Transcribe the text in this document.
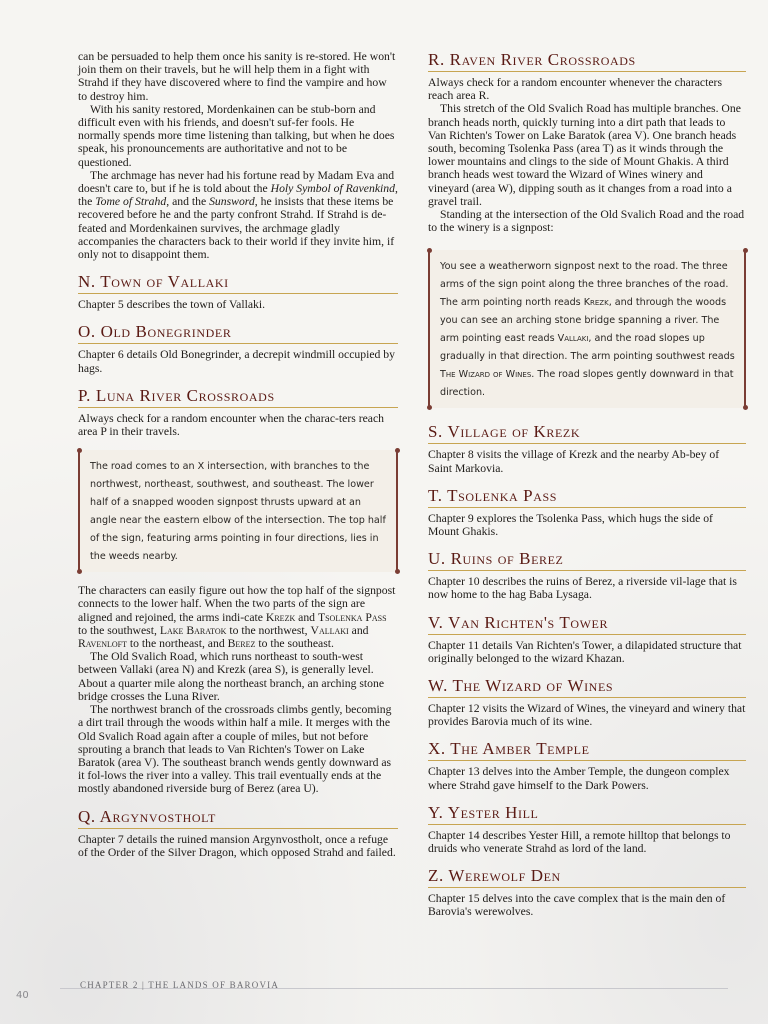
can be persuaded to help them once his sanity is re-stored. He won't join them on their travels, but he will help them in a fight with Strahd if they have discovered where to find the vampire and how to destroy him.

With his sanity restored, Mordenkainen can be stub-born and difficult even with his friends, and doesn't suf-fer fools. He normally spends more time listening than talking, but when he does speak, his pronouncements are authoritative and not to be questioned.

The archmage has never had his fortune read by Madam Eva and doesn't care to, but if he is told about the Holy Symbol of Ravenkind, the Tome of Strahd, and the Sunsword, he insists that these items be recovered before he and the party confront Strahd. If Strahd is de-feated and Mordenkainen survives, the archmage gladly accompanies the characters back to their world if they invite him, if only not to disappoint them.

N. Town of Vallaki

Chapter 5 describes the town of Vallaki.

O. Old Bonegrinder

Chapter 6 details Old Bonegrinder, a decrepit windmill occupied by hags.

P. Luna River Crossroads

Always check for a random encounter when the charac-ters reach area P in their travels.

The road comes to an X intersection, with branches to the northwest, northeast, southwest, and southeast. The lower half of a snapped wooden signpost thrusts upward at an angle near the eastern elbow of the intersection. The top half of the sign, featuring arms pointing in four directions, lies in the weeds nearby.

The characters can easily figure out how the top half of the signpost connects to the lower half. When the two parts of the sign are aligned and rejoined, the arms indi-cate Krezk and Tsolenka Pass to the southwest, Lake Baratok to the northwest, Vallaki and Ravenloft to the northeast, and Berez to the southeast.

The Old Svalich Road, which runs northeast to south-west between Vallaki (area N) and Krezk (area S), is generally level. About a quarter mile along the northeast branch, an arching stone bridge crosses the Luna River.

The northwest branch of the crossroads climbs gently, becoming a dirt trail through the woods within half a mile. It merges with the Old Svalich Road again after a couple of miles, but not before sprouting a branch that leads to Van Richten's Tower on Lake Baratok (area V). The southeast branch wends gently downward as it fol-lows the river into a valley. This trail eventually ends at the mostly abandoned riverside burg of Berez (area U).

Q. Argynvostholt

Chapter 7 details the ruined mansion Argynvostholt, once a refuge of the Order of the Silver Dragon, which opposed Strahd and failed.

R. Raven River Crossroads

Always check for a random encounter whenever the characters reach area R.

This stretch of the Old Svalich Road has multiple branches. One branch heads north, quickly turning into a dirt path that leads to Van Richten's Tower on Lake Baratok (area V). One branch heads south, becoming Tsolenka Pass (area T) as it winds through the lower mountains and clings to the side of Mount Ghakis. A third branch heads west toward the Wizard of Wines winery and vineyard (area W), dipping south as it changes from a road into a gravel trail.

Standing at the intersection of the Old Svalich Road and the road to the winery is a signpost:

You see a weatherworn signpost next to the road. The three arms of the sign point along the three branches of the road. The arm pointing north reads Krezk, and through the woods you can see an arching stone bridge spanning a river. The arm pointing east reads Vallaki, and the road slopes up gradually in that direction. The arm pointing southwest reads The Wizard of Wines. The road slopes gently downward in that direction.
S. Village of Krezk

Chapter 8 visits the village of Krezk and the nearby Ab-bey of Saint Markovia.

T. Tsolenka Pass

Chapter 9 explores the Tsolenka Pass, which hugs the side of Mount Ghakis.

U. Ruins of Berez

Chapter 10 describes the ruins of Berez, a riverside vil-lage that is now home to the hag Baba Lysaga.

V. Van Richten's Tower

Chapter 11 details Van Richten's Tower, a dilapidated structure that originally belonged to the wizard Khazan.

W. The Wizard of Wines

Chapter 12 visits the Wizard of Wines, the vineyard and winery that provides Barovia much of its wine.

X. The Amber Temple

Chapter 13 delves into the Amber Temple, the dungeon complex where Strahd gave himself to the Dark Powers.

Y. Yester Hill

Chapter 14 describes Yester Hill, a remote hilltop that belongs to druids who venerate Strahd as lord of the land.

Z. Werewolf Den

Chapter 15 delves into the cave complex that is the main den of Barovia's werewolves.

40
CHAPTER 2 | THE LANDS OF BAROVIA
